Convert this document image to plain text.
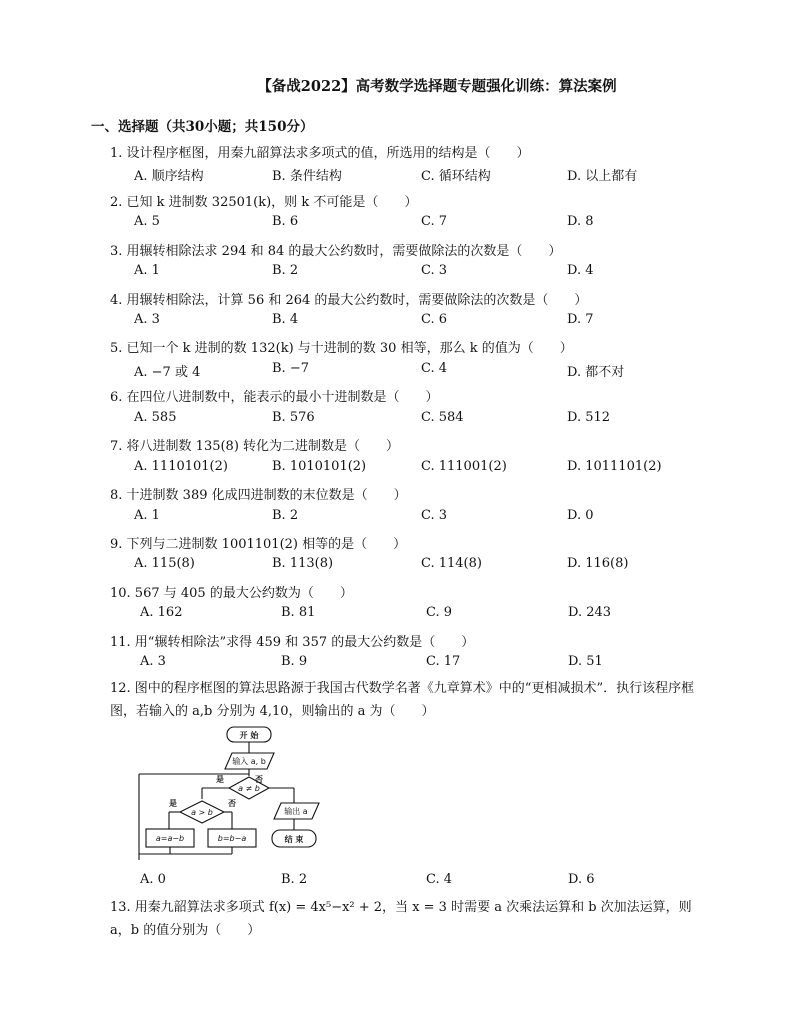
【备战2022】高考数学选择题专题强化训练：算法案例
一、选择题（共30小题；共150分）
1. 设计程序框图，用秦九韶算法求多项式的值，所选用的结构是（　　）
A. 顺序结构	B. 条件结构	C. 循环结构	D. 以上都有
2. 已知 k 进制数 32501(k)，则 k 不可能是（　　）
A. 5	B. 6	C. 7	D. 8
3. 用辗转相除法求 294 和 84 的最大公约数时，需要做除法的次数是（　　）
A. 1	B. 2	C. 3	D. 4
4. 用辗转相除法，计算 56 和 264 的最大公约数时，需要做除法的次数是（　　）
A. 3	B. 4	C. 6	D. 7
5. 已知一个 k 进制的数 132(k) 与十进制的数 30 相等，那么 k 的值为（　　）
A. −7 或 4	B. −7	C. 4	D. 都不对
6. 在四位八进制数中，能表示的最小十进制数是（　　）
A. 585	B. 576	C. 584	D. 512
7. 将八进制数 135(8) 转化为二进制数是（　　）
A. 1110101(2)	B. 1010101(2)	C. 111001(2)	D. 1011101(2)
8. 十进制数 389 化成四进制数的末位数是（　　）
A. 1	B. 2	C. 3	D. 0
9. 下列与二进制数 1001101(2) 相等的是（　　）
A. 115(8)	B. 113(8)	C. 114(8)	D. 116(8)
10. 567 与 405 的最大公约数为（　　）
A. 162	B. 81	C. 9	D. 243
11. 用“辗转相除法”求得 459 和 357 的最大公约数是（　　）
A. 3	B. 9	C. 17	D. 51
12. 图中的程序框图的算法思路源于我国古代数学名著《九章算术》中的“更相减损术”．执行该程序框图，若输入的 a,b 分别为 4,10，则输出的 a 为（　　）
开 始
输入 a, b
a ≠ b
是	否
a > b
是	否
a=a−b	b=b−a
输出 a
结 束
A. 0	B. 2	C. 4	D. 6
13. 用秦九韶算法求多项式 f(x) = 4x⁵−x² + 2，当 x = 3 时需要 a 次乘法运算和 b 次加法运算，则 a，b 的值分别为（　　）
